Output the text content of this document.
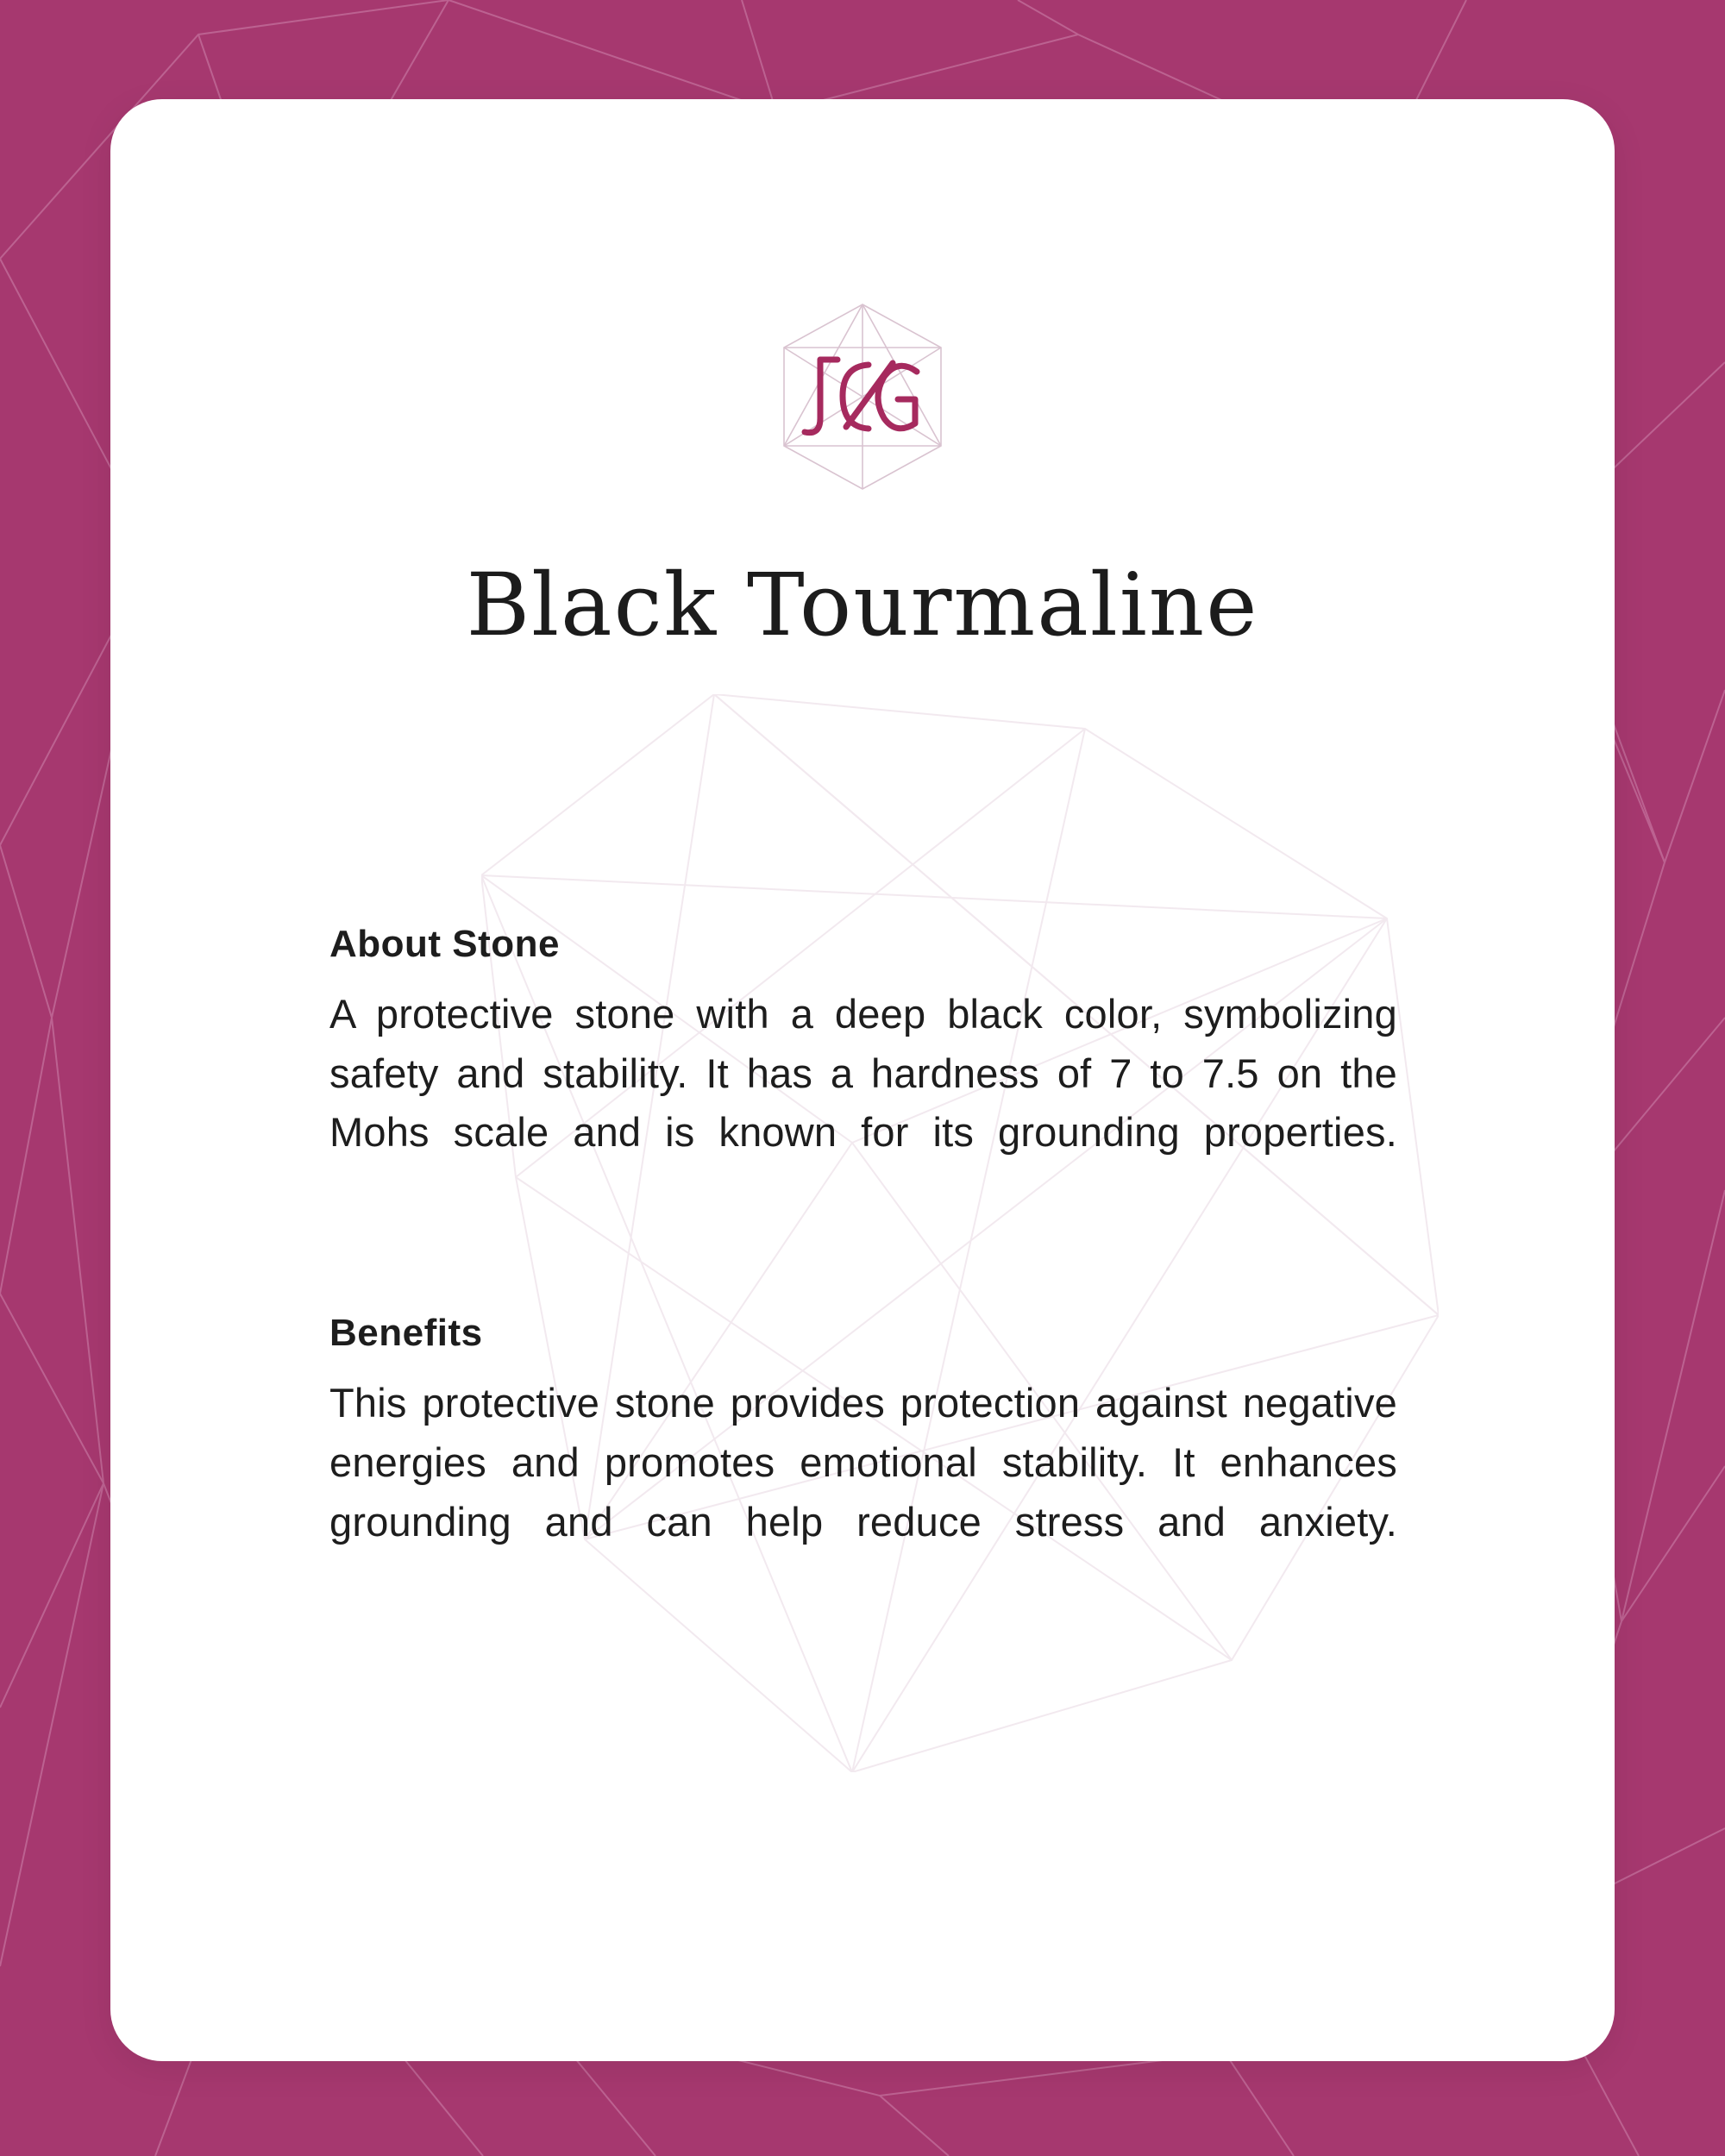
Black Tourmaline
About Stone

A protective stone with a deep black color, symbolizing safety and stability. It has a hardness of 7 to 7.5 on the Mohs scale and is known for its grounding properties.

Benefits

This protective stone provides protection against negative energies and promotes emotional stability. It enhances grounding and can help reduce stress and anxiety.
